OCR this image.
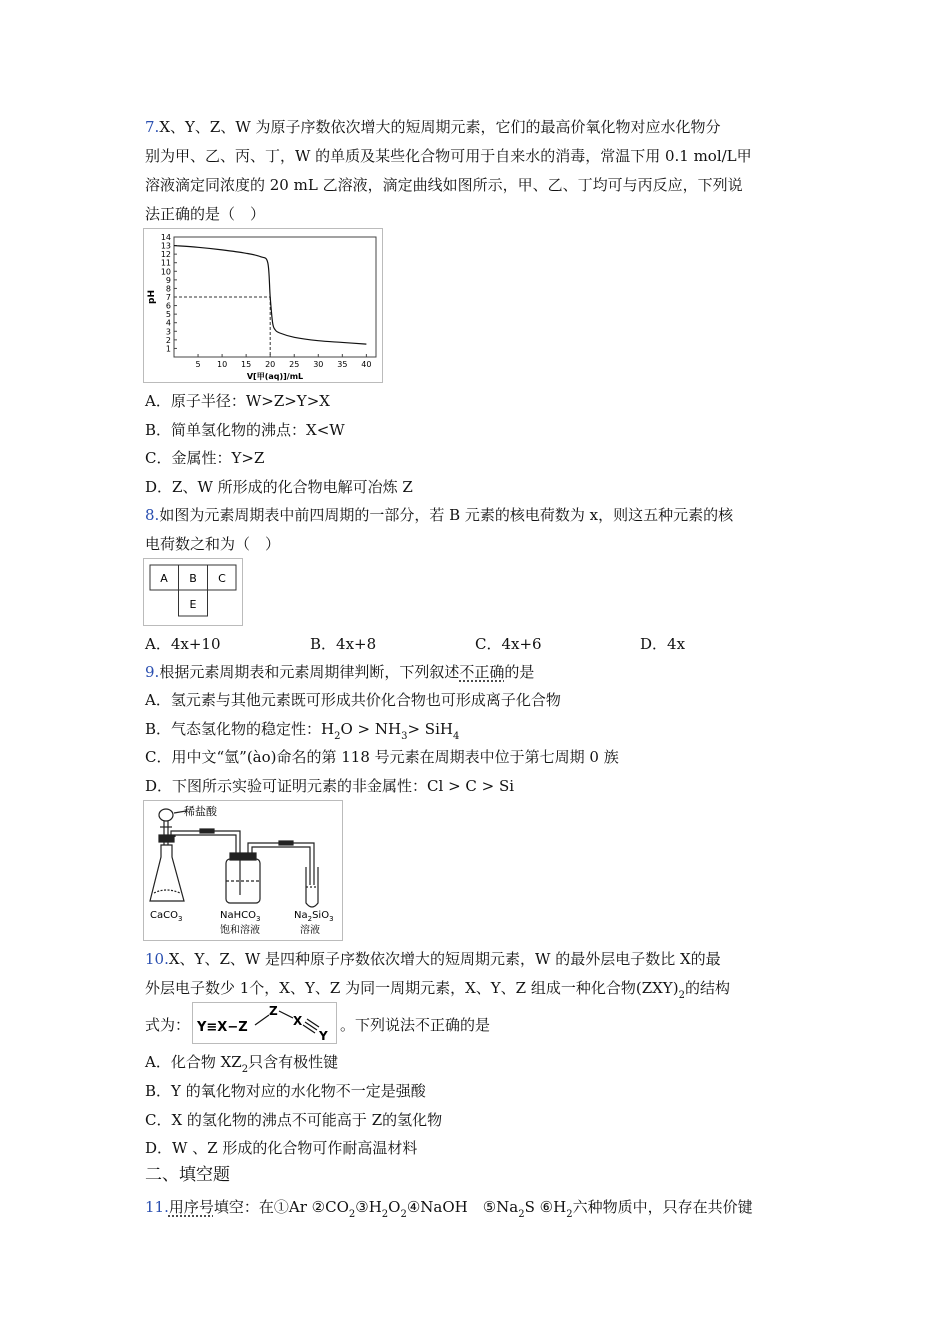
7.X、Y、Z、W 为原子序数依次增大的短周期元素，它们的最高价氧化物对应水化物分
别为甲、乙、丙、丁，W 的单质及某些化合物可用于自来水的消毒，常温下用 0.1 mol/L甲
溶液滴定同浓度的 20 mL 乙溶液，滴定曲线如图所示，甲、乙、丁均可与丙反应，下列说
法正确的是（　）
1
2
3
4
5
6
7
8
9
10
11
12
13
14
5 10 15 20 25 30 35 40
pH
V[甲(aq)]/mL
A．原子半径：W>Z>Y>X
B．简单氢化物的沸点：X<W
C．金属性：Y>Z
D．Z、W 所形成的化合物电解可冶炼 Z
8.如图为元素周期表中前四周期的一部分，若 B 元素的核电荷数为 x，则这五种元素的核
电荷数之和为（　）
A B C
E
A．4x+10	B．4x+8	C．4x+6	D．4x
9.根据元素周期表和元素周期律判断，下列叙述不正确的是
A．氢元素与其他元素既可形成共价化合物也可形成离子化合物
B．气态氢化物的稳定性：$H_2O > NH_3> SiH_4$
C．用中文“氫”(ào)命名的第 118 号元素在周期表中位于第七周期 0 族
D．下图所示实验可证明元素的非金属性：Cl > C > Si
稀盐酸
CaCO$_3$	NaHCO$_3$
饱和溶液
$Na_2SiO_3$
溶液
10.X、Y、Z、W 是四种原子序数依次增大的短周期元素，W 的最外层电子数比 X的最
外层电子数少 1个，X、Y、Z 为同一周期元素，X、Y、Z 组成一种化合物$(ZXY)_2$的结构
式为： Y≡X−Z
Z
X
Y
。下列说法不正确的是
A．化合物 $XZ_2$只含有极性键
B．Y 的氧化物对应的水化物不一定是强酸
C．X 的氢化物的沸点不可能高于 Z的氢化物
D．W 、Z 形成的化合物可作耐高温材料
二、填空题
11.用序号填空：在①Ar $②CO_2③H_2O_2④NaOH$　$⑤Na_2S$ $⑥H_2$六种物质中，只存在共价键
